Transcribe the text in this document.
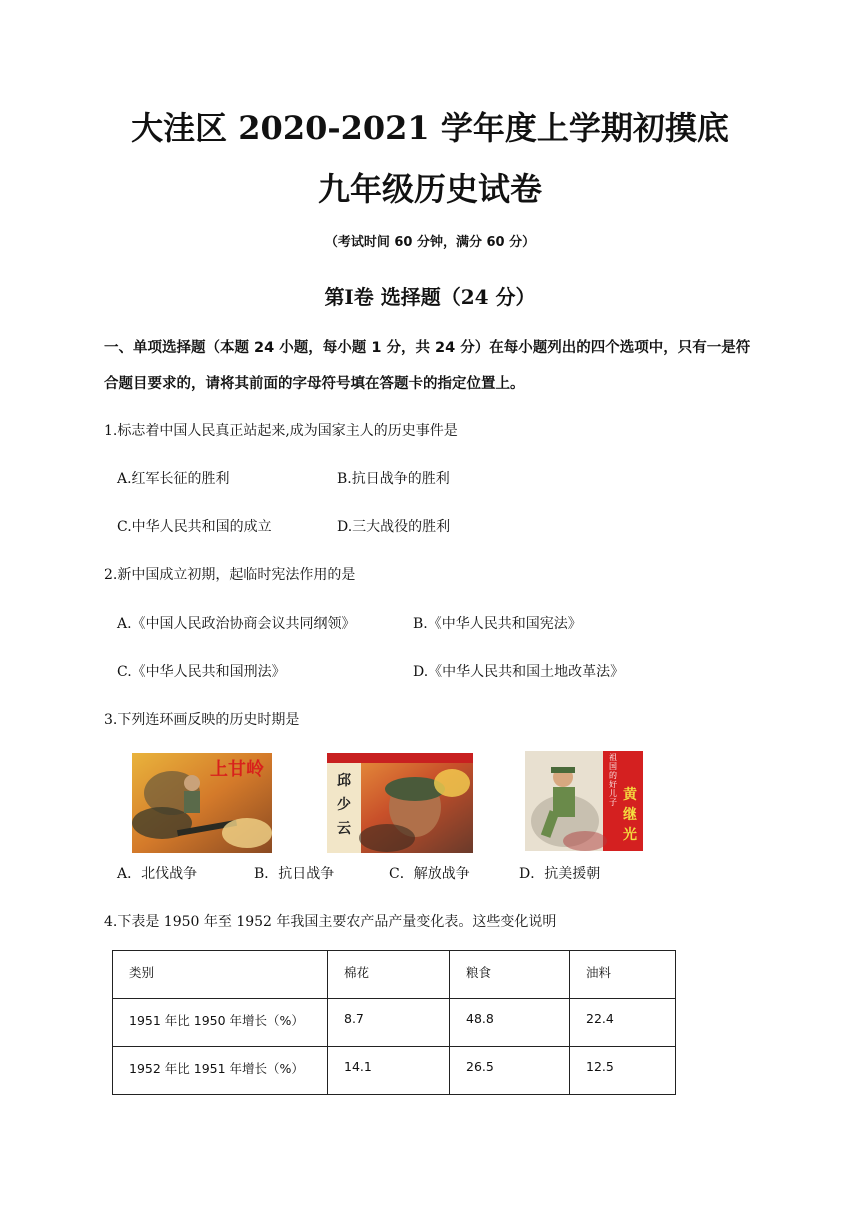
大洼区 2020-2021 学年度上学期初摸底
九年级历史试卷
（考试时间 60 分钟，满分 60 分）
第Ⅰ卷 选择题（24 分）
一、单项选择题（本题 24 小题，每小题 1 分，共 24 分）在每小题列出的四个选项中，只有一是符
合题目要求的，请将其前面的字母符号填在答题卡的指定位置上。
1.标志着中国人民真正站起来,成为国家主人的历史事件是
A.红军长征的胜利	B.抗日战争的胜利
C.中华人民共和国的成立	D.三大战役的胜利
2.新中国成立初期，起临时宪法作用的是
A.《中国人民政治协商会议共同纲领》	B.《中华人民共和国宪法》
C.《中华人民共和国刑法》	D.《中华人民共和国土地改革法》
3.下列连环画反映的历史时期是
上甘岭
邱少云
祖国的好儿子 黄继光
A．北伐战争	B．抗日战争	C．解放战争	D．抗美援朝
4.下表是 1950 年至 1952 年我国主要农产品产量变化表。这些变化说明
类别	棉花	粮食	油料
1951 年比 1950 年增长（%）	8.7	48.8	22.4
1952 年比 1951 年增长（%）	14.1	26.5	12.5
